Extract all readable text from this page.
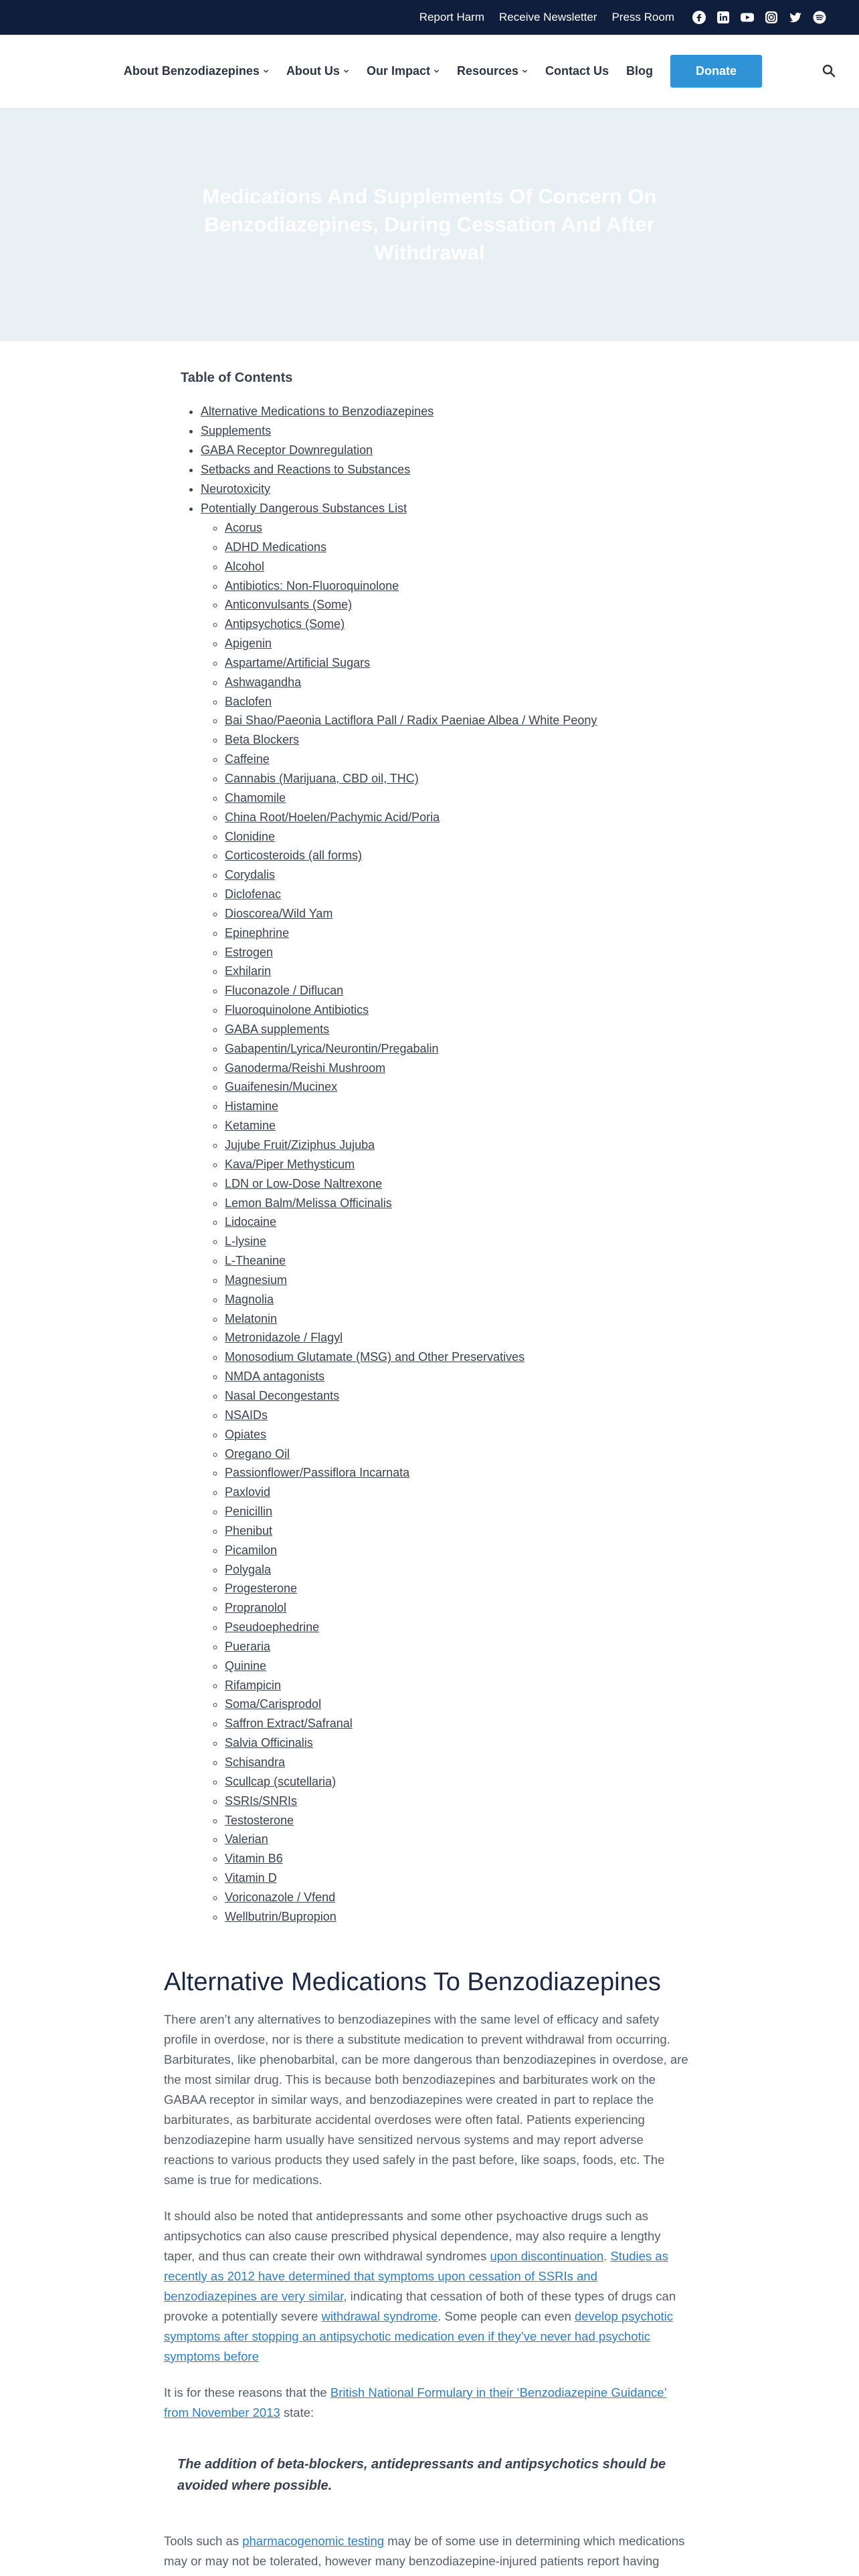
Report Harm Receive Newsletter Press Room
About Benzodiazepines About Us Our Impact Resources Contact Us Blog	Donate
Medications And Supplements Of Concern On Benzodiazepines, During Cessation And After Withdrawal
Table of Contents
• Alternative Medications to Benzodiazepines
• Supplements
• GABA Receptor Downregulation
• Setbacks and Reactions to Substances
• Neurotoxicity
• Potentially Dangerous Substances List
◦ Acorus
◦ ADHD Medications
◦ Alcohol
◦ Antibiotics: Non-Fluoroquinolone
◦ Anticonvulsants (Some)
◦ Antipsychotics (Some)
◦ Apigenin
◦ Aspartame/Artificial Sugars
◦ Ashwagandha
◦ Baclofen
◦ Bai Shao/Paeonia Lactiflora Pall / Radix Paeniae Albea / White Peony
◦ Beta Blockers
◦ Caffeine
◦ Cannabis (Marijuana, CBD oil, THC)
◦ Chamomile
◦ China Root/Hoelen/Pachymic Acid/Poria
◦ Clonidine
◦ Corticosteroids (all forms)
◦ Corydalis
◦ Diclofenac
◦ Dioscorea/Wild Yam
◦ Epinephrine
◦ Estrogen
◦ Exhilarin
◦ Fluconazole / Diflucan
◦ Fluoroquinolone Antibiotics
◦ GABA supplements
◦ Gabapentin/Lyrica/Neurontin/Pregabalin
◦ Ganoderma/Reishi Mushroom
◦ Guaifenesin/Mucinex
◦ Histamine
◦ Ketamine
◦ Jujube Fruit/Ziziphus Jujuba
◦ Kava/Piper Methysticum
◦ LDN or Low-Dose Naltrexone
◦ Lemon Balm/Melissa Officinalis
◦ Lidocaine
◦ L-lysine
◦ L-Theanine
◦ Magnesium
◦ Magnolia
◦ Melatonin
◦ Metronidazole / Flagyl
◦ Monosodium Glutamate (MSG) and Other Preservatives
◦ NMDA antagonists
◦ Nasal Decongestants
◦ NSAIDs
◦ Opiates
◦ Oregano Oil
◦ Passionflower/Passiflora Incarnata
◦ Paxlovid
◦ Penicillin
◦ Phenibut
◦ Picamilon
◦ Polygala
◦ Progesterone
◦ Propranolol
◦ Pseudoephedrine
◦ Pueraria
◦ Quinine
◦ Rifampicin
◦ Soma/Carisprodol
◦ Saffron Extract/Safranal
◦ Salvia Officinalis
◦ Schisandra
◦ Scullcap (scutellaria)
◦ SSRIs/SNRIs
◦ Testosterone
◦ Valerian
◦ Vitamin B6
◦ Vitamin D
◦ Voriconazole / Vfend
◦ Wellbutrin/Bupropion
Alternative Medications To Benzodiazepines

There aren’t any alternatives to benzodiazepines with the same level of efficacy and safety profile in overdose, nor is there a substitute medication to prevent withdrawal from occurring. Barbiturates, like phenobarbital, can be more dangerous than benzodiazepines in overdose, are the most similar drug. This is because both benzodiazepines and barbiturates work on the GABAA receptor in similar ways, and benzodiazepines were created in part to replace the barbiturates, as barbiturate accidental overdoses were often fatal. Patients experiencing benzodiazepine harm usually have sensitized nervous systems and may report adverse reactions to various products they used safely in the past before, like soaps, foods, etc. The same is true for medications.

It should also be noted that antidepressants and some other psychoactive drugs such as antipsychotics can also cause prescribed physical dependence, may also require a lengthy taper, and thus can create their own withdrawal syndromes upon discontinuation. Studies as recently as 2012 have determined that symptoms upon cessation of SSRIs and benzodiazepines are very similar, indicating that cessation of both of these types of drugs can provoke a potentially severe withdrawal syndrome. Some people can even develop psychotic symptoms after stopping an antipsychotic medication even if they’ve never had psychotic symptoms before

It is for these reasons that the British National Formulary in their ‘Benzodiazepine Guidance’ from November 2013 state:

The addition of beta-blockers, antidepressants and antipsychotics should be avoided where possible.

Tools such as pharmacogenomic testing may be of some use in determining which medications may or may not be tolerated, however many benzodiazepine-injured patients report having
